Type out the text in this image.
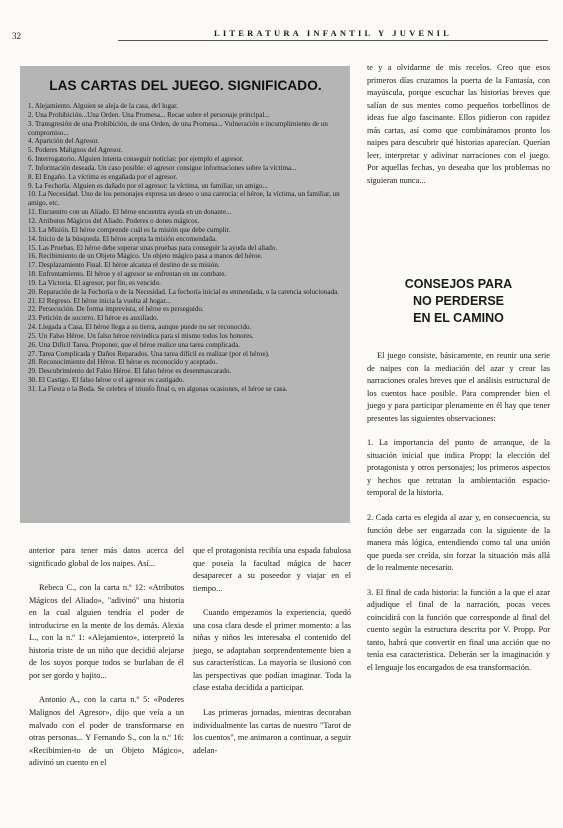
32	LITERATURA INFANTIL Y JUVENIL
LAS CARTAS DEL JUEGO. SIGNIFICADO.
1. Alejamiento. Alguien se aleja de la casa, del lugar.
2. Una Prohibición...Una Orden. Una Promesa... Recae sobre el personaje principal...
3. Transgresión de una Prohibición, de una Orden, de una Promesa... Vulneración e incumplimiento de un compromiso...
4. Aparición del Agresor.
5. Poderes Malignos del Agresor.
6. Interrogatorio. Alguien intenta conseguir noticias: por ejemplo el agresor.
7. Información deseada. Un caso posible: el agresor consigue informaciones sobre la víctima...
8. El Engaño. La víctima es engañada por el agresor.
9. La Fechoría. Alguien es dañado por el agresor: la víctima, un familiar, un amigo...
10. La Necesidad. Uno de los personajes expresa un deseo o una carencia: el héroe, la víctima, un familiar, un amigo, etc.
11. Encuentro con un Aliado. El héroe encuentra ayuda en un donante...
12. Atributos Mágicos del Aliado. Poderes o dones mágicos.
13. La Misión. El héroe comprende cuál es la misión que debe cumplir.
14. Inicio de la búsqueda. El héroe acepta la misión encomendada.
15. Las Pruebas. El héroe debe superar unas pruebas para conseguir la ayuda del aliado.
16. Recibimiento de un Objeto Mágico. Un objeto mágico pasa a manos del héroe.
17. Desplazamiento Final. El héroe alcanza el destino de su misión.
18. Enfrentamiento. El héroe y el agresor se enfrentan en un combate.
19. La Victoria. El agresor, por fin, es vencido.
20. Reparación de la Fechoría o de la Necesidad. La fechoría inicial es enmendada, o la carencia solucionada.
21. El Regreso. El héroe inicia la vuelta al hogar...
22. Persecución. De forma imprevista, el héroe es perseguido.
23. Petición de socorro. El héroe es auxiliado.
24. Llegada a Casa. El héroe llega a su tierra, aunque puede no ser reconocido.
25. Un Falso Héroe. Un falso héroe reivindica para sí mismo todos los honores.
26. Una Difícil Tarea. Proponer, que el héroe realice una tarea complicada.
27. Tarea Complicada y Daños Reparados. Una tarea difícil es realizar (por el héroe).
28. Reconocimiento del Héroe. El héroe es reconocido y aceptado.
29. Descubrimiento del Falso Héroe. El falso héroe es desenmascarado.
30. El Castigo. El falso héroe o el agresor es castigado.
31. La Fiesta o la Boda. Se celebra el triunfo final o, en algunas ocasiones, el héroe se casa.

anterior para tener más datos acerca del significado global de los naipes. Así...

Rebeca C., con la carta n.º 12: «Atributos Mágicos del Aliado», "adivinó" una historia en la cual alguien tendría el poder de introducirse en la mente de los demás. Alexia L., con la n.º 1: «Alejamiento», interpretó la historia triste de un niño que decidió alejarse de los suyos porque todos se burlaban de él por ser gordo y bajito...

Antonio A., con la carta n.º 5: «Poderes Malignos del Agresor», dijo que veía a un malvado con el poder de transformarse en otras personas... Y Fernando S., con la n.º 16: «Recibimien-to de un Objeto Mágico», adivinó un cuento en el

que el protagonista recibía una espada fabulosa que poseía la facultad mágica de hacer desaparecer a su poseedor y viajar en el tiempo...

Cuando empezamos la experiencia, quedó una cosa clara desde el primer momento: a las niñas y niños les interesaba el contenido del juego, se adaptaban sorprendentemente bien a sus características. La mayoría se ilusionó con las perspectivas que podían imaginar. Toda la clase estaba decidida a participar.

Las primeras jornadas, mientras decoraban individualmente las cartas de nuestro "Tarot de los cuentos", me animaron a continuar, a seguir adelan-

te y a olvidarme de mis recelos. Creo que esos primeros días cruzamos la puerta de la Fantasía, con mayúscula, porque escuchar las historias breves que salían de sus mentes como pequeños torbellinos de ideas fue algo fascinante. Ellos pidieron con rapidez más cartas, así como que combináramos pronto los naipes para descubrir qué historias aparecían. Querían leer, interpretar y adivinar narraciones con el juego. Por aquellas fechas, yo deseaba que los problemas no siguieran nunca...

CONSEJOS PARA
NO PERDERSE
EN EL CAMINO

El juego consiste, básicamente, en reunir una serie de naipes con la mediación del azar y crear las narraciones orales breves que el análisis estructural de los cuentos hace posible. Para comprender bien el juego y para participar plenamente en él hay que tener presentes las siguientes observaciones:

1. La importancia del punto de arranque, de la situación inicial que indica Propp: la elección del protagonista y otros personajes; los primeros aspectos y hechos que retratan la ambientación espacio-temporal de la historia.

2. Cada carta es elegida al azar y, en consecuencia, su función debe ser engarzada con la siguiente de la manera más lógica, entendiendo como tal una unión que pueda ser creída, sin forzar la situación más allá de lo realmente necesario.

3. El final de cada historia: la función a la que el azar adjudique el final de la narración, pocas veces coincidirá con la función que corresponde al final del cuento según la estructura descrita por V. Propp. Por tanto, habrá que convertir en final una acción que no tenía esa característica. Deberán ser la imaginación y el lenguaje los encargados de esa transformación.
